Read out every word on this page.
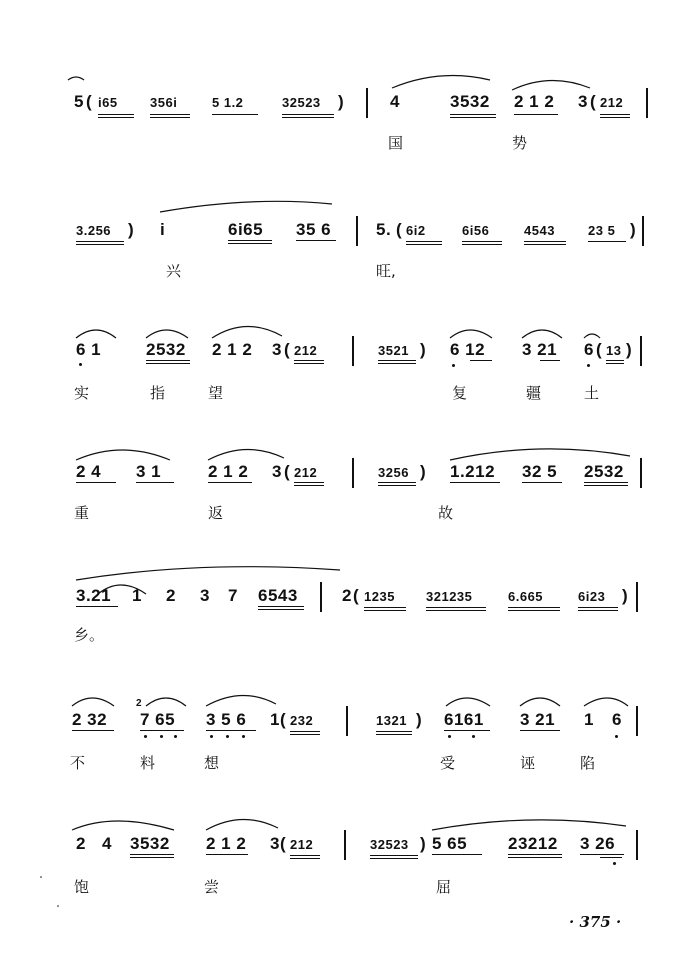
5 ( i65 356i	5 1.2	32523 )	4	3532 2 1 2 3 ( 212
国	势
3.256 ) i	6i65 35 6	5. ( 6i2	6i56	4543	23 5 )
兴	旺,
6 1	2532 2 1 2 3 ( 212	3521 ) 6 12 3 21 6 ( 13 )
实	指	望	复	疆	土
2 4 3 1	2 1 2 3 ( 212	3256 ) 1.212 32 5 2532
重	返	故
3.21 1 2 3 7 6543	2 ( 1235 321235	6.665	6i23 )
乡。
2 32
2
7 65 3 5 6 1 ( 232	1321 ) 6161 3 21 1 6
不	料	想	受	诬	陷
2 4 3532 2 1 2 3 ( 212	32523 ) 5 65 23212 3 26
饱	尝	屈
· 375 ·
